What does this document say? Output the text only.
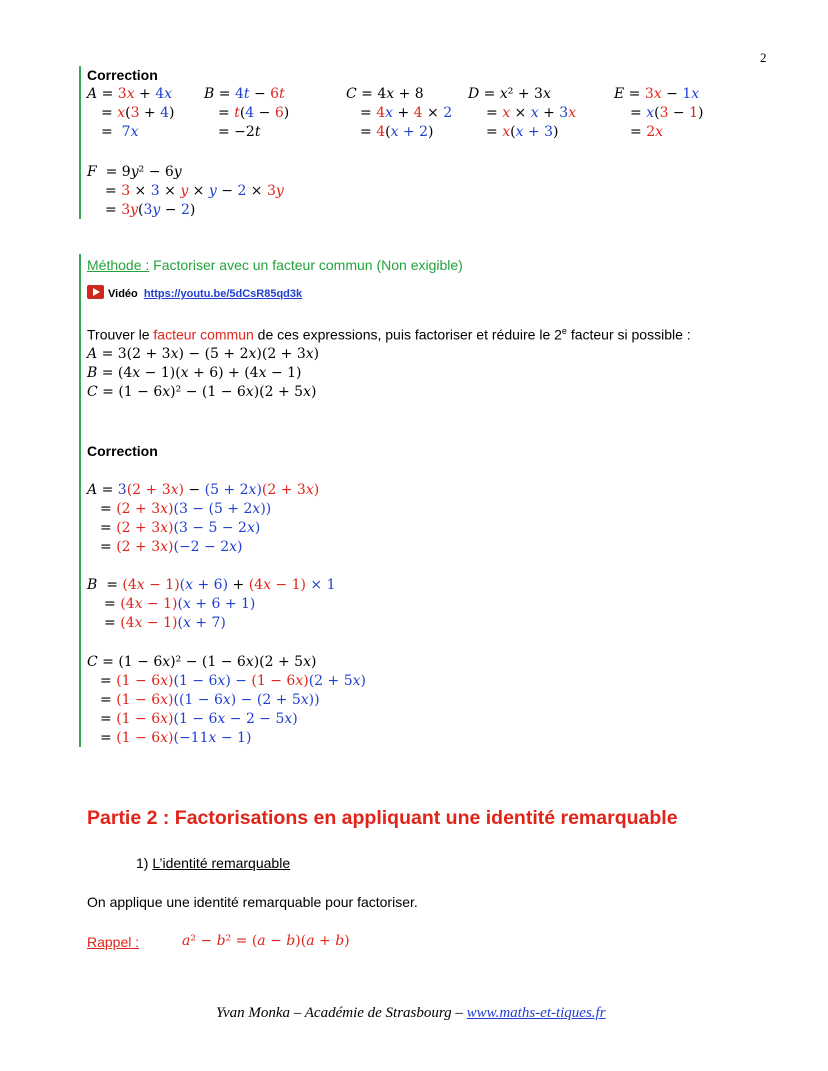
2
Correction
A = 3x + 4x
= x(3 + 4)
=  7x
B = 4t − 6t
= t(4 − 6)
= −2t
C = 4x + 8
= 4x + 4 × 2
= 4(x + 2)
D = x² + 3x
= x × x + 3x
= x(x + 3)
E = 3x − 1x
= x(3 − 1)
= 2x
F  = 9y² − 6y
= 3 × 3 × y × y − 2 × 3y
= 3y(3y − 2)
Méthode : Factoriser avec un facteur commun (Non exigible)
Vidéo https://youtu.be/5dCsR85qd3k
Trouver le facteur commun de ces expressions, puis factoriser et réduire le 2e facteur si possible :
A = 3(2 + 3x) − (5 + 2x)(2 + 3x)
B = (4x − 1)(x + 6) + (4x − 1)
C = (1 − 6x)² − (1 − 6x)(2 + 5x)
Correction
A = 3(2 + 3x) − (5 + 2x)(2 + 3x)
= (2 + 3x)(3 − (5 + 2x))
= (2 + 3x)(3 − 5 − 2x)
= (2 + 3x)(−2 − 2x)
B  = (4x − 1)(x + 6) + (4x − 1) × 1
= (4x − 1)(x + 6 + 1)
= (4x − 1)(x + 7)
C = (1 − 6x)² − (1 − 6x)(2 + 5x)
= (1 − 6x)(1 − 6x) − (1 − 6x)(2 + 5x)
= (1 − 6x)((1 − 6x) − (2 + 5x))
= (1 − 6x)(1 − 6x − 2 − 5x)
= (1 − 6x)(−11x − 1)
Partie 2 : Factorisations en appliquant une identité remarquable
1) L’identité remarquable
On applique une identité remarquable pour factoriser.
Rappel :	a² − b² = (a − b)(a + b)
Yvan Monka – Académie de Strasbourg – www.maths-et-tiques.fr
